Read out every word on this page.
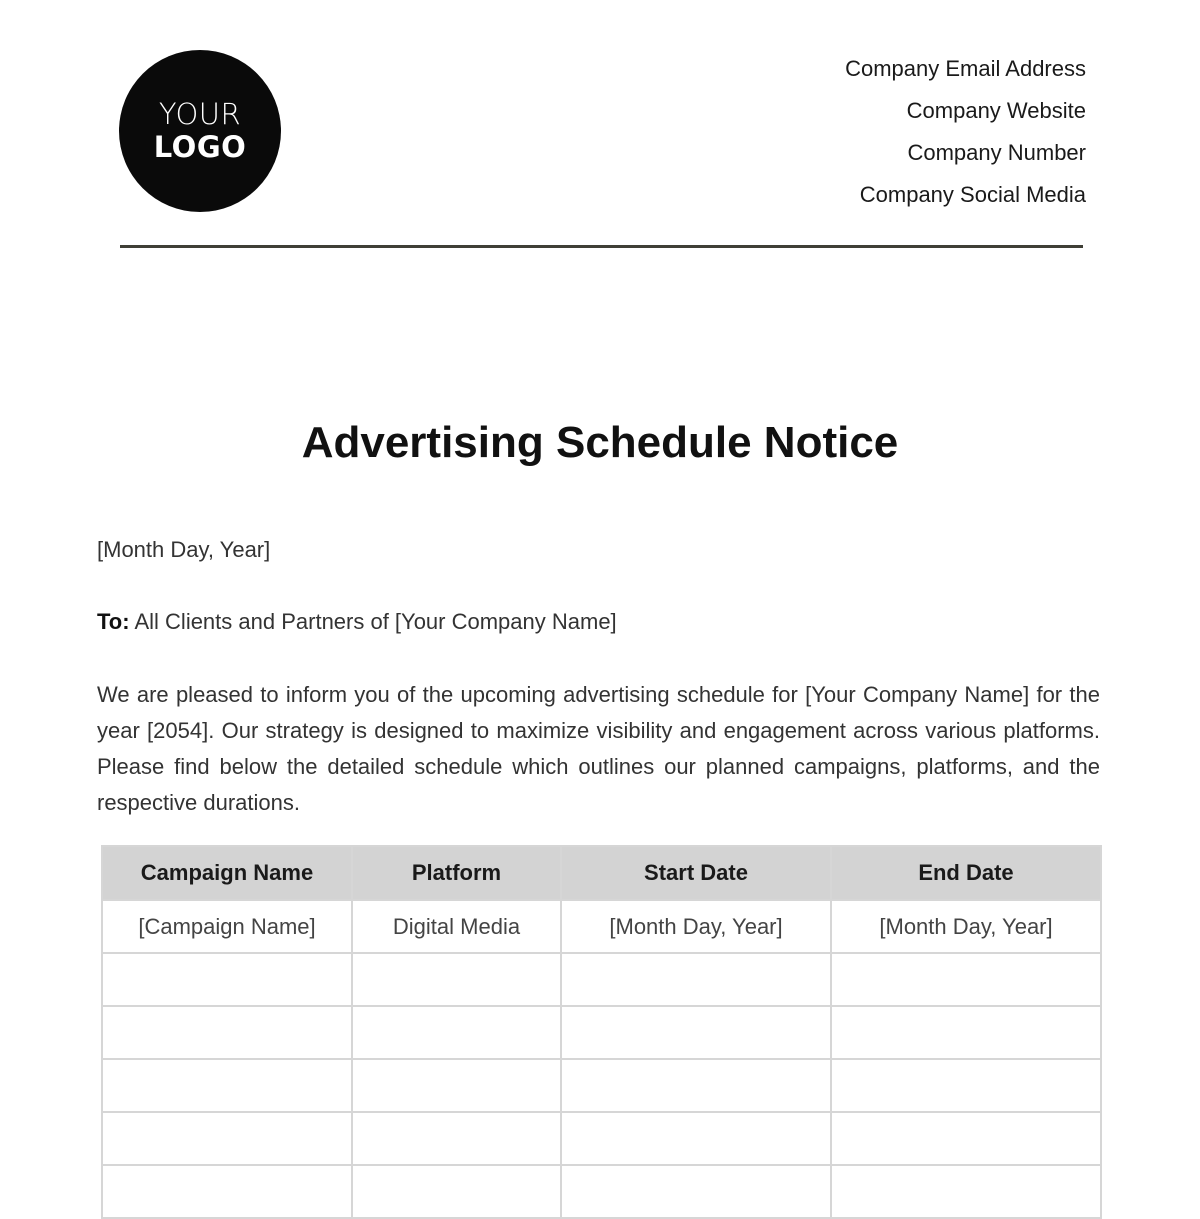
YOUR
LOGO
Company Email Address
Company Website
Company Number
Company Social Media
Advertising Schedule Notice
[Month Day, Year]
To: All Clients and Partners of [Your Company Name]

We are pleased to inform you of the upcoming advertising schedule for [Your Company Name] for the year [2054]. Our strategy is designed to maximize visibility and engagement across various platforms. Please find below the detailed schedule which outlines our planned campaigns, platforms, and the respective durations.

Campaign Name	Platform	Start Date	End Date
[Campaign Name]	Digital Media	[Month Day, Year]	[Month Day, Year]
